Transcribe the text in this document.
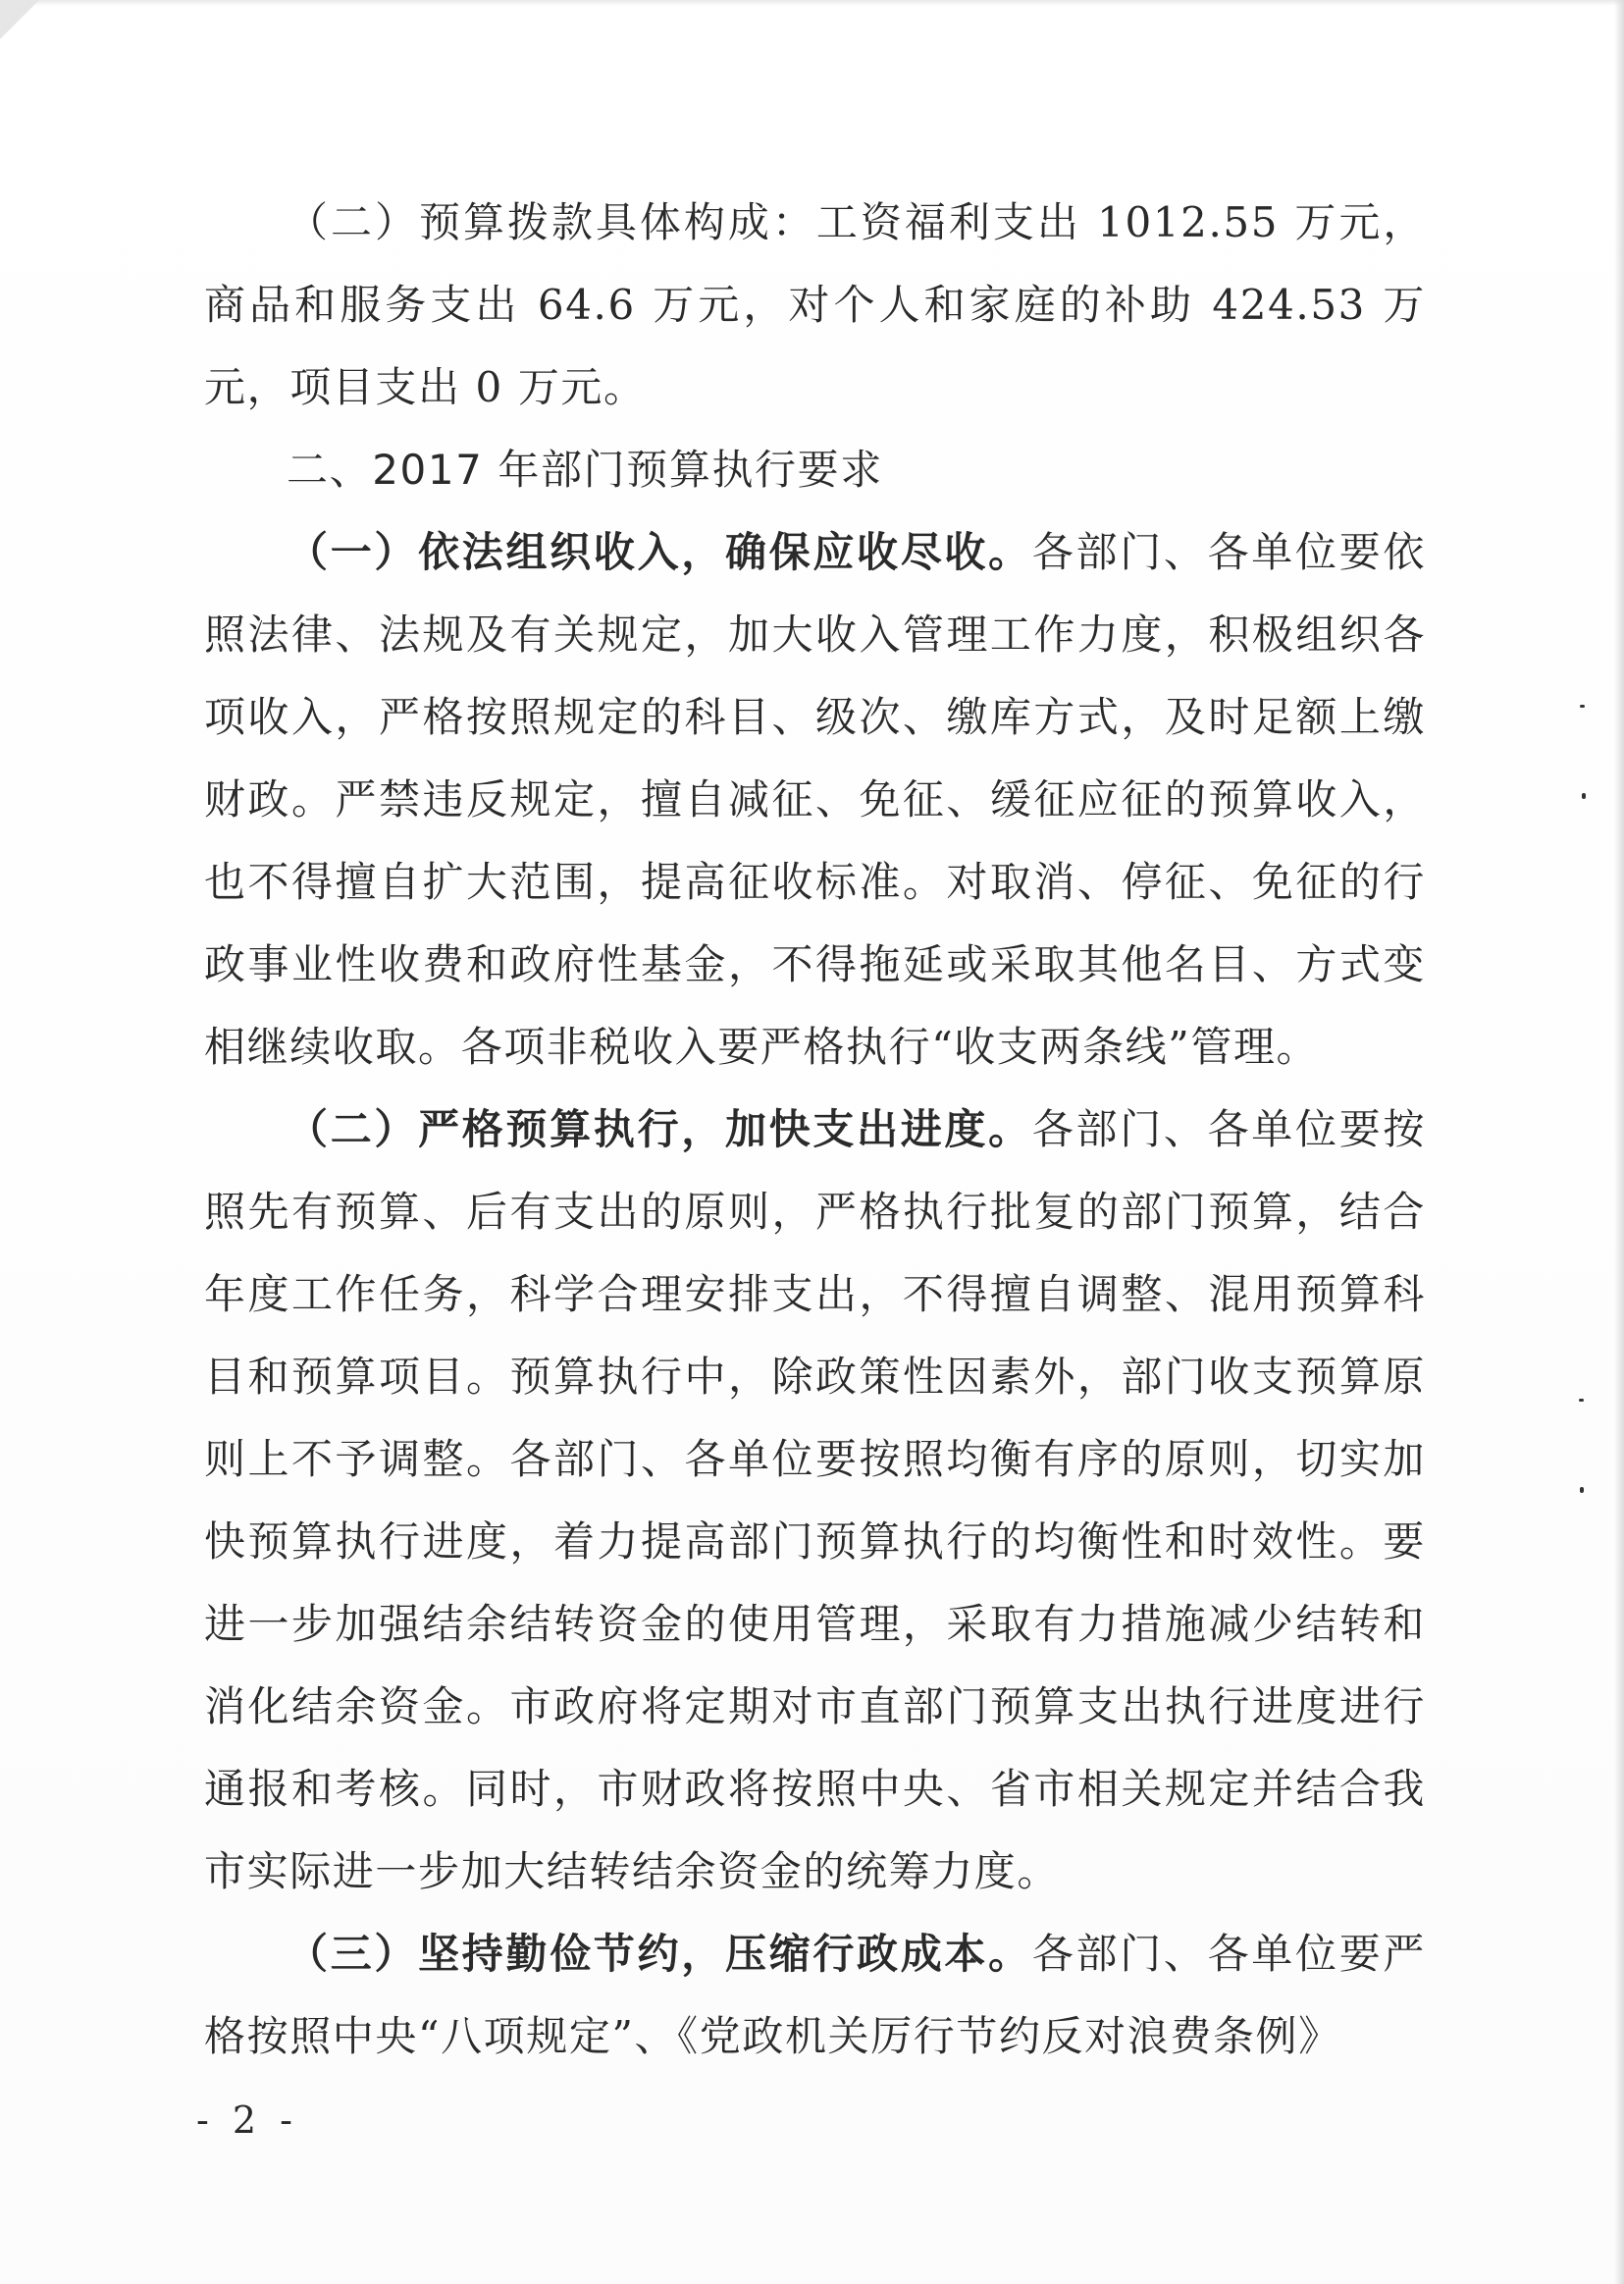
（二）预算拨款具体构成：工资福利支出 1012.55 万元，商品和服务支出 64.6 万元，对个人和家庭的补助 424.53 万元，项目支出 0 万元。

二、2017 年部门预算执行要求

（一）依法组织收入，确保应收尽收。各部门、各单位要依照法律、法规及有关规定，加大收入管理工作力度，积极组织各项收入，严格按照规定的科目、级次、缴库方式，及时足额上缴财政。严禁违反规定，擅自减征、免征、缓征应征的预算收入，也不得擅自扩大范围，提高征收标准。对取消、停征、免征的行政事业性收费和政府性基金，不得拖延或采取其他名目、方式变相继续收取。各项非税收入要严格执行“收支两条线”管理。

（二）严格预算执行，加快支出进度。各部门、各单位要按照先有预算、后有支出的原则，严格执行批复的部门预算，结合年度工作任务，科学合理安排支出，不得擅自调整、混用预算科目和预算项目。预算执行中，除政策性因素外，部门收支预算原则上不予调整。各部门、各单位要按照均衡有序的原则，切实加快预算执行进度，着力提高部门预算执行的均衡性和时效性。要进一步加强结余结转资金的使用管理，采取有力措施减少结转和消化结余资金。市政府将定期对市直部门预算支出执行进度进行通报和考核。同时，市财政将按照中央、省市相关规定并结合我市实际进一步加大结转结余资金的统筹力度。

（三）坚持勤俭节约，压缩行政成本。各部门、各单位要严格按照中央“八项规定”、《党政机关厉行节约反对浪费条例》

- 2 -
